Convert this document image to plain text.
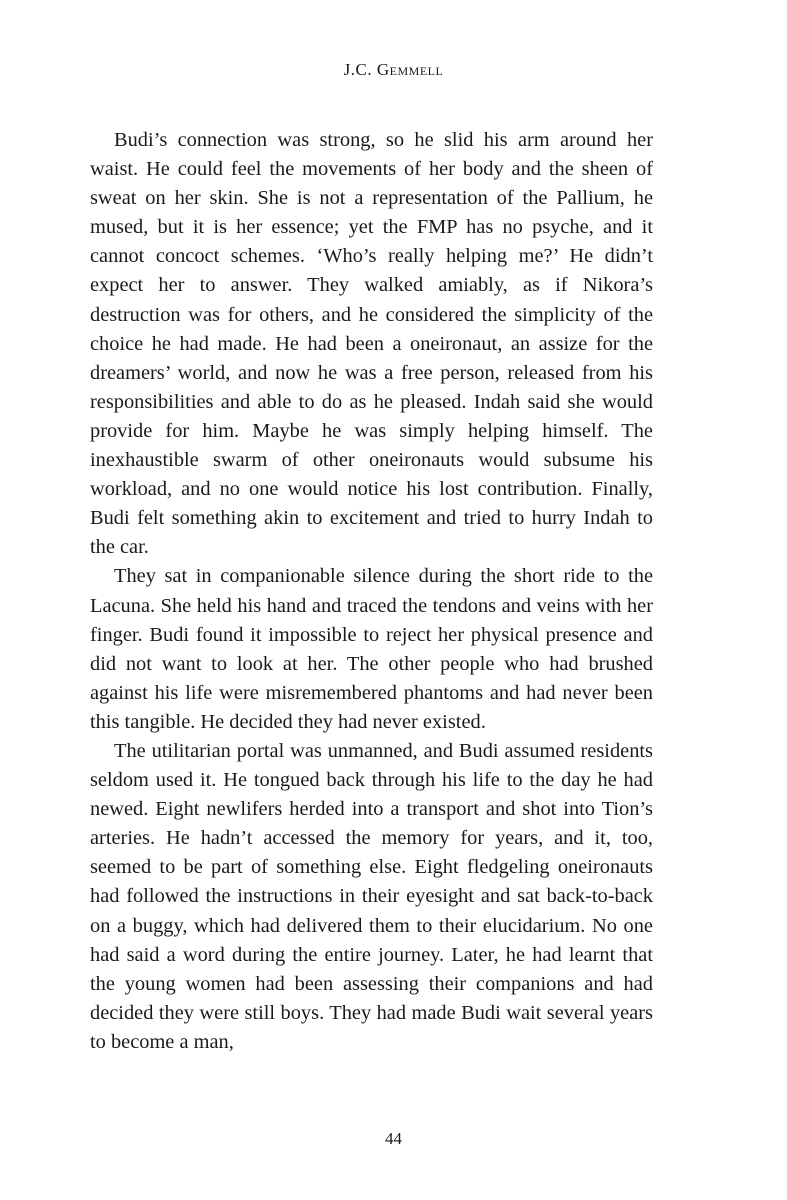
J.C. Gemmell

Budi’s connection was strong, so he slid his arm around her waist. He could feel the movements of her body and the sheen of sweat on her skin. She is not a representation of the Pallium, he mused, but it is her essence; yet the FMP has no psyche, and it cannot concoct schemes. ‘Who’s really helping me?’ He didn’t expect her to answer. They walked amiably, as if Nikora’s destruction was for others, and he considered the simplicity of the choice he had made. He had been a oneironaut, an assize for the dreamers’ world, and now he was a free person, released from his responsibilities and able to do as he pleased. Indah said she would provide for him. Maybe he was simply helping himself. The inexhaustible swarm of other oneironauts would subsume his workload, and no one would notice his lost contribution. Finally, Budi felt something akin to excitement and tried to hurry Indah to the car.

They sat in companionable silence during the short ride to the Lacuna. She held his hand and traced the tendons and veins with her finger. Budi found it impossible to reject her physical presence and did not want to look at her. The other people who had brushed against his life were misremembered phantoms and had never been this tangible. He decided they had never existed.

The utilitarian portal was unmanned, and Budi assumed residents seldom used it. He tongued back through his life to the day he had newed. Eight newlifers herded into a transport and shot into Tion’s arteries. He hadn’t accessed the memory for years, and it, too, seemed to be part of something else. Eight fledgeling oneironauts had followed the instructions in their eyesight and sat back-to-back on a buggy, which had delivered them to their elucidarium. No one had said a word during the entire journey. Later, he had learnt that the young women had been assessing their companions and had decided they were still boys. They had made Budi wait several years to become a man,

44
